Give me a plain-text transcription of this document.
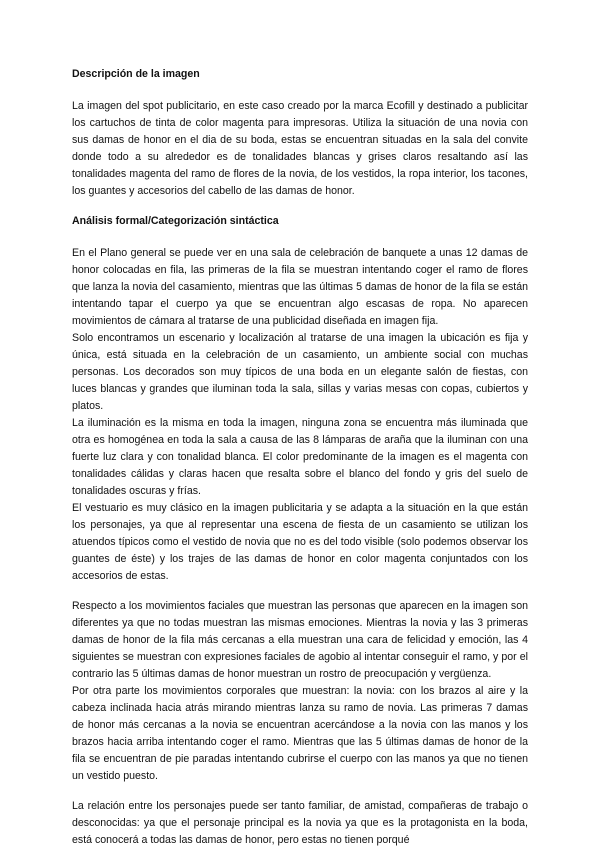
Descripción de la imagen

La imagen del spot publicitario, en este caso creado por la marca Ecofill y destinado a publicitar los cartuchos de tinta de color magenta para impresoras. Utiliza la situación de una novia con sus damas de honor en el dia de su boda, estas se encuentran situadas en la sala del convite donde todo a su alrededor es de tonalidades blancas y grises claros resaltando así las tonalidades magenta del ramo de flores de la novia, de los vestidos, la ropa interior, los tacones, los guantes y accesorios del cabello de las damas de honor.

Análisis formal/Categorización sintáctica

En el Plano general se puede ver en una sala de celebración de banquete a unas 12 damas de honor colocadas en fila, las primeras de la fila se muestran intentando coger el ramo de flores que lanza la novia del casamiento, mientras que las últimas 5 damas de honor de la fila se están intentando tapar el cuerpo ya que se encuentran algo escasas de ropa. No aparecen movimientos de cámara al tratarse de una publicidad diseñada en imagen fija.

Solo encontramos un escenario y localización al tratarse de una imagen la ubicación es fija y única, está situada en la celebración de un casamiento, un ambiente social con muchas personas. Los decorados son muy típicos de una boda en un elegante salón de fiestas, con luces blancas y grandes que iluminan toda la sala, sillas y varias mesas con copas, cubiertos y platos.

La iluminación es la misma en toda la imagen, ninguna zona se encuentra más iluminada que otra es homogénea en toda la sala a causa de las 8 lámparas de araña que la iluminan con una fuerte luz clara y con tonalidad blanca. El color predominante de la imagen es el magenta con tonalidades cálidas y claras hacen que resalta sobre el blanco del fondo y gris del suelo de tonalidades oscuras y frías.

El vestuario es muy clásico en la imagen publicitaria y se adapta a la situación en la que están los personajes, ya que al representar una escena de fiesta de un casamiento se utilizan los atuendos típicos como el vestido de novia que no es del todo visible (solo podemos observar los guantes de éste) y los trajes de las damas de honor en color magenta conjuntados con los accesorios de estas.

Respecto a los movimientos faciales que muestran las personas que aparecen en la imagen son diferentes ya que no todas muestran las mismas emociones. Mientras la novia y las 3 primeras damas de honor de la fila más cercanas a ella muestran una cara de felicidad y emoción, las 4 siguientes se muestran con expresiones faciales de agobio al intentar conseguir el ramo, y por el contrario las 5 últimas damas de honor muestran un rostro de preocupación y vergüenza.

Por otra parte los movimientos corporales que muestran: la novia: con los brazos al aire y la cabeza inclinada hacia atrás mirando mientras lanza su ramo de novia. Las primeras 7 damas de honor más cercanas a la novia se encuentran acercándose a la novia con las manos y los brazos hacia arriba intentando coger el ramo. Mientras que las 5 últimas damas de honor de la fila se encuentran de pie paradas intentando cubrirse el cuerpo con las manos ya que no tienen un vestido puesto.

La relación entre los personajes puede ser tanto familiar, de amistad, compañeras de trabajo o desconocidas: ya que el personaje principal es la novia ya que es la protagonista en la boda, está conocerá a todas las damas de honor, pero estas no tienen porqué
